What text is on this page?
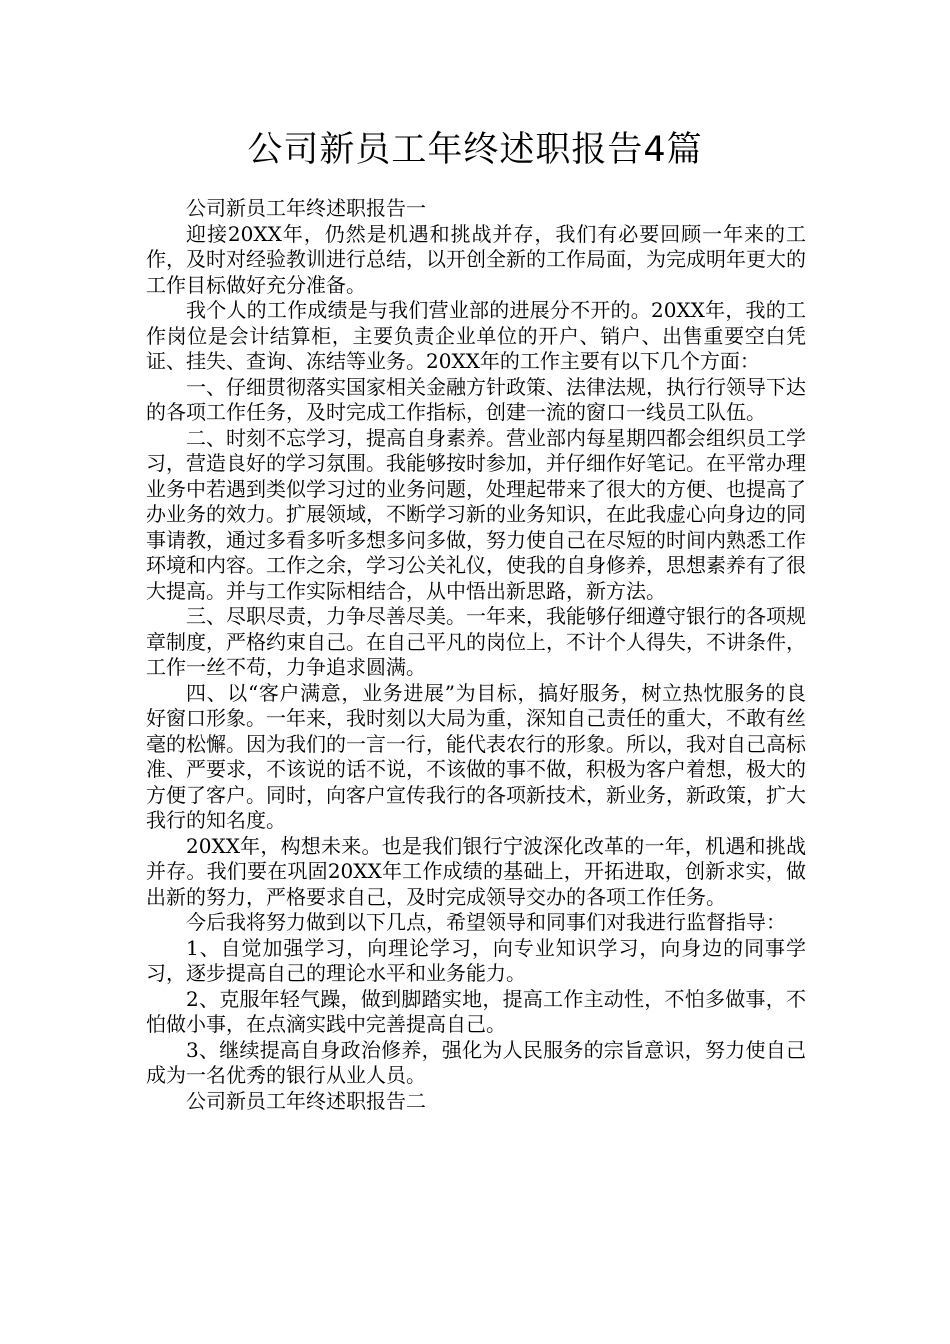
公司新员工年终述职报告4篇

公司新员工年终述职报告一

迎接20XX年，仍然是机遇和挑战并存，我们有必要回顾一年来的工作，及时对经验教训进行总结，以开创全新的工作局面，为完成明年更大的工作目标做好充分准备。

我个人的工作成绩是与我们营业部的进展分不开的。20XX年，我的工作岗位是会计结算柜，主要负责企业单位的开户、销户、出售重要空白凭证、挂失、查询、冻结等业务。20XX年的工作主要有以下几个方面：

一、仔细贯彻落实国家相关金融方针政策、法律法规，执行行领导下达的各项工作任务，及时完成工作指标，创建一流的窗口一线员工队伍。

二、时刻不忘学习，提高自身素养。营业部内每星期四都会组织员工学习，营造良好的学习氛围。我能够按时参加，并仔细作好笔记。在平常办理业务中若遇到类似学习过的业务问题，处理起带来了很大的方便、也提高了办业务的效力。扩展领域，不断学习新的业务知识，在此我虚心向身边的同事请教，通过多看多听多想多问多做，努力使自己在尽短的时间内熟悉工作环境和内容。工作之余，学习公关礼仪，使我的自身修养，思想素养有了很大提高。并与工作实际相结合，从中悟出新思路，新方法。

三、尽职尽责，力争尽善尽美。一年来，我能够仔细遵守银行的各项规章制度，严格约束自己。在自己平凡的岗位上，不计个人得失，不讲条件，工作一丝不苟，力争追求圆满。

四、以“客户满意，业务进展”为目标，搞好服务，树立热忱服务的良好窗口形象。一年来，我时刻以大局为重，深知自己责任的重大，不敢有丝毫的松懈。因为我们的一言一行，能代表农行的形象。所以，我对自己高标准、严要求，不该说的话不说，不该做的事不做，积极为客户着想，极大的方便了客户。同时，向客户宣传我行的各项新技术，新业务，新政策，扩大我行的知名度。

20XX年，构想未来。也是我们银行宁波深化改革的一年，机遇和挑战并存。我们要在巩固20XX年工作成绩的基础上，开拓进取，创新求实，做出新的努力，严格要求自己，及时完成领导交办的各项工作任务。

今后我将努力做到以下几点，希望领导和同事们对我进行监督指导：

1、自觉加强学习，向理论学习，向专业知识学习，向身边的同事学习，逐步提高自己的理论水平和业务能力。

2、克服年轻气躁，做到脚踏实地，提高工作主动性，不怕多做事，不怕做小事，在点滴实践中完善提高自己。

3、继续提高自身政治修养，强化为人民服务的宗旨意识，努力使自己成为一名优秀的银行从业人员。

公司新员工年终述职报告二
